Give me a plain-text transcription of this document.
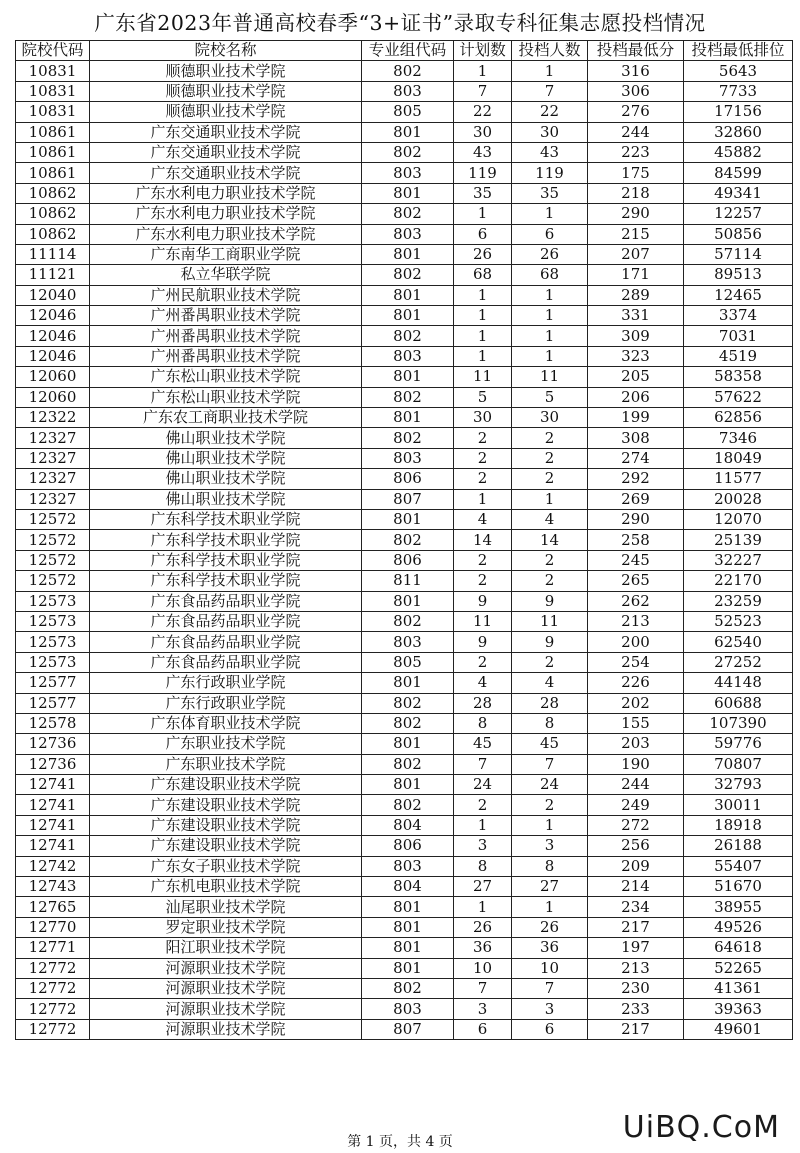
广东省2023年普通高校春季“3+证书”录取专科征集志愿投档情况
院校代码	院校名称	专业组代码	计划数	投档人数	投档最低分	投档最低排位
10831	顺德职业技术学院	802	1	1	316	5643
10831	顺德职业技术学院	803	7	7	306	7733
10831	顺德职业技术学院	805	22	22	276	17156
10861	广东交通职业技术学院	801	30	30	244	32860
10861	广东交通职业技术学院	802	43	43	223	45882
10861	广东交通职业技术学院	803	119	119	175	84599
10862	广东水利电力职业技术学院	801	35	35	218	49341
10862	广东水利电力职业技术学院	802	1	1	290	12257
10862	广东水利电力职业技术学院	803	6	6	215	50856
11114	广东南华工商职业学院	801	26	26	207	57114
11121	私立华联学院	802	68	68	171	89513
12040	广州民航职业技术学院	801	1	1	289	12465
12046	广州番禺职业技术学院	801	1	1	331	3374
12046	广州番禺职业技术学院	802	1	1	309	7031
12046	广州番禺职业技术学院	803	1	1	323	4519
12060	广东松山职业技术学院	801	11	11	205	58358
12060	广东松山职业技术学院	802	5	5	206	57622
12322	广东农工商职业技术学院	801	30	30	199	62856
12327	佛山职业技术学院	802	2	2	308	7346
12327	佛山职业技术学院	803	2	2	274	18049
12327	佛山职业技术学院	806	2	2	292	11577
12327	佛山职业技术学院	807	1	1	269	20028
12572	广东科学技术职业学院	801	4	4	290	12070
12572	广东科学技术职业学院	802	14	14	258	25139
12572	广东科学技术职业学院	806	2	2	245	32227
12572	广东科学技术职业学院	811	2	2	265	22170
12573	广东食品药品职业学院	801	9	9	262	23259
12573	广东食品药品职业学院	802	11	11	213	52523
12573	广东食品药品职业学院	803	9	9	200	62540
12573	广东食品药品职业学院	805	2	2	254	27252
12577	广东行政职业学院	801	4	4	226	44148
12577	广东行政职业学院	802	28	28	202	60688
12578	广东体育职业技术学院	802	8	8	155	107390
12736	广东职业技术学院	801	45	45	203	59776
12736	广东职业技术学院	802	7	7	190	70807
12741	广东建设职业技术学院	801	24	24	244	32793
12741	广东建设职业技术学院	802	2	2	249	30011
12741	广东建设职业技术学院	804	1	1	272	18918
12741	广东建设职业技术学院	806	3	3	256	26188
12742	广东女子职业技术学院	803	8	8	209	55407
12743	广东机电职业技术学院	804	27	27	214	51670
12765	汕尾职业技术学院	801	1	1	234	38955
12770	罗定职业技术学院	801	26	26	217	49526
12771	阳江职业技术学院	801	36	36	197	64618
12772	河源职业技术学院	801	10	10	213	52265
12772	河源职业技术学院	802	7	7	230	41361
12772	河源职业技术学院	803	3	3	233	39363
12772	河源职业技术学院	807	6	6	217	49601
第 1 页，共 4 页	UiBQ.CoM
